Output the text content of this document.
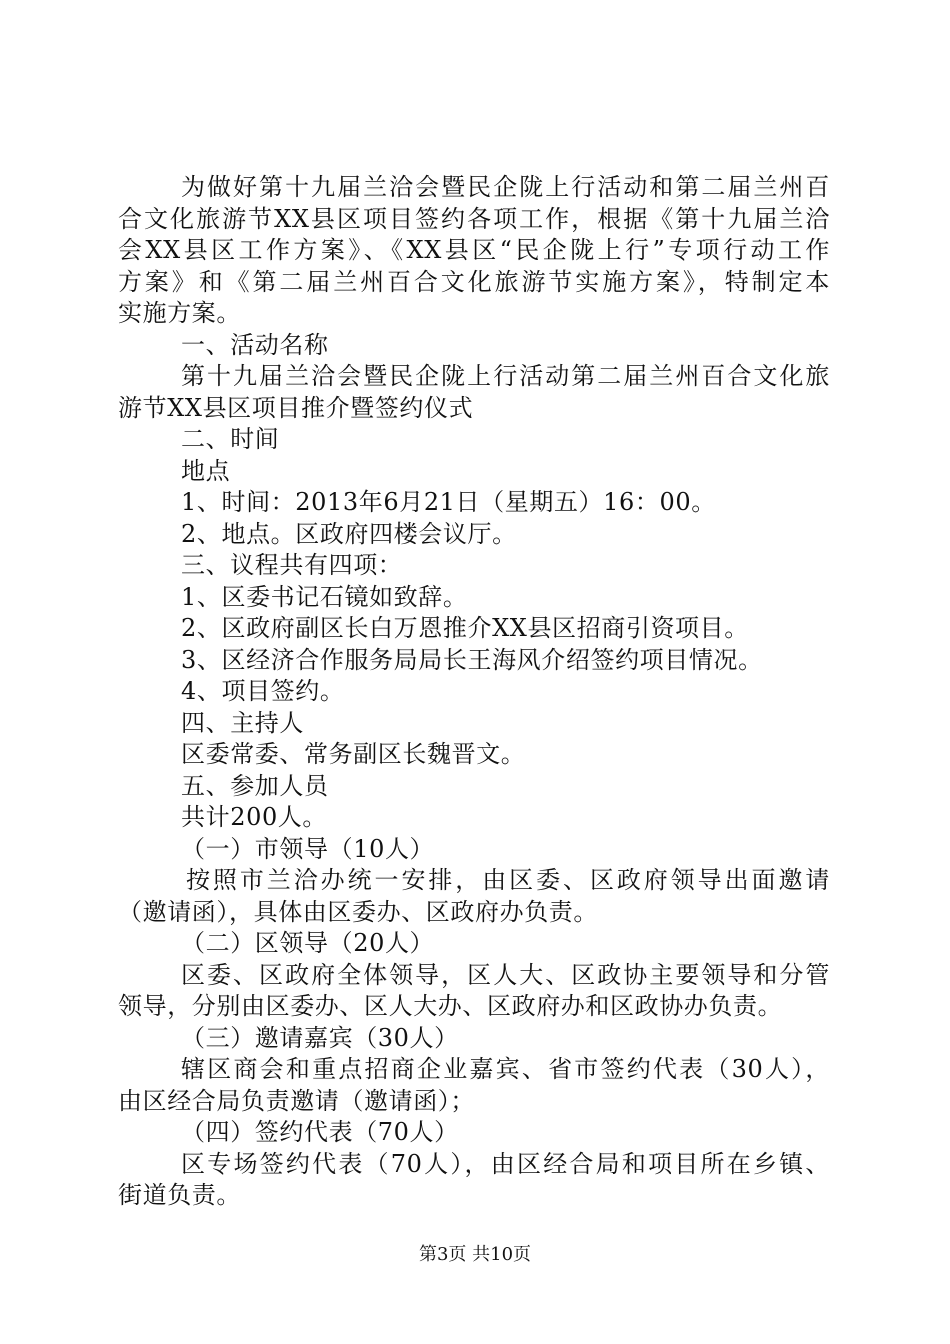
为做好第十九届兰洽会暨民企陇上行活动和第二届兰州百
合文化旅游节XX县区项目签约各项工作，根据《第十九届兰洽
会XX县区工作方案》、《XX县区“民企陇上行”专项行动工作
方案》和《第二届兰州百合文化旅游节实施方案》，特制定本
实施方案。
一、活动名称
第十九届兰洽会暨民企陇上行活动第二届兰州百合文化旅
游节XX县区项目推介暨签约仪式
二、时间
地点
1、时间：2013年6月21日（星期五）16：00。
2、地点。区政府四楼会议厅。
三、议程共有四项：
1、区委书记石镜如致辞。
2、区政府副区长白万恩推介XX县区招商引资项目。
3、区经济合作服务局局长王海风介绍签约项目情况。
4、项目签约。
四、主持人
区委常委、常务副区长魏晋文。
五、参加人员
共计200人。
（一）市领导（10人）
按照市兰洽办统一安排，由区委、区政府领导出面邀请
（邀请函），具体由区委办、区政府办负责。
（二）区领导（20人）
区委、区政府全体领导，区人大、区政协主要领导和分管
领导，分别由区委办、区人大办、区政府办和区政协办负责。
（三）邀请嘉宾（30人）
辖区商会和重点招商企业嘉宾、省市签约代表（30人），
由区经合局负责邀请（邀请函）；
（四）签约代表（70人）
区专场签约代表（70人），由区经合局和项目所在乡镇、
街道负责。
第3页 共10页
